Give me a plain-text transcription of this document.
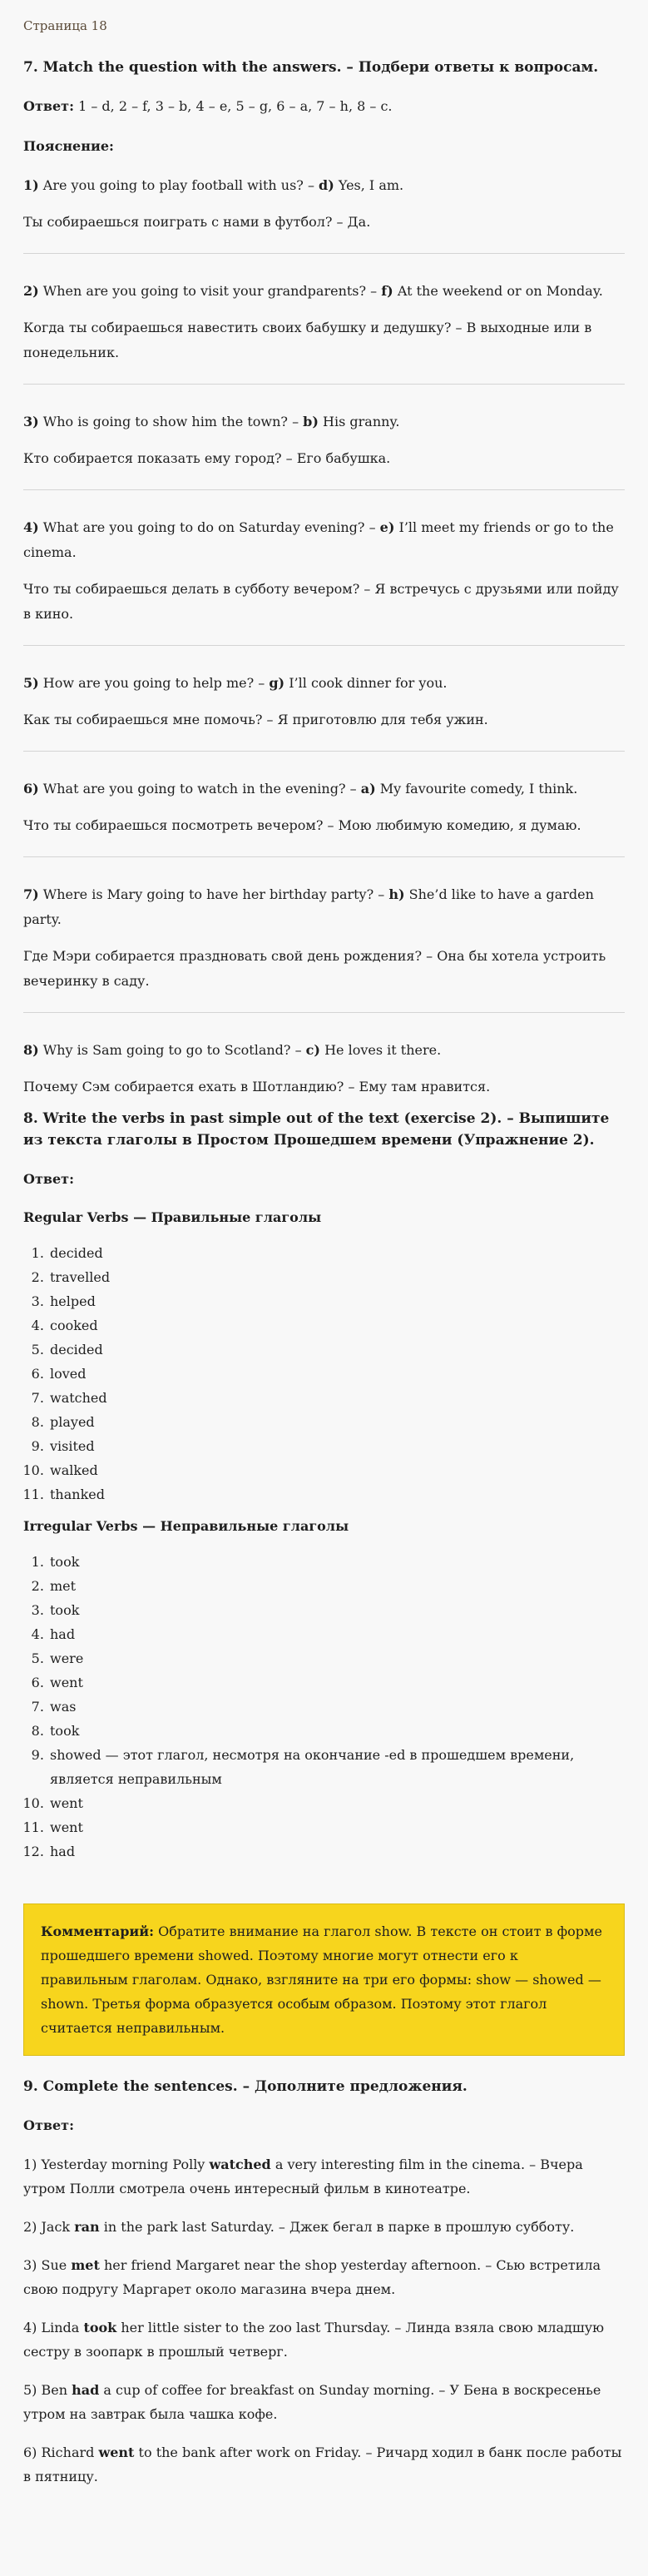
Страница 18
7. Match the question with the answers. – Подбери ответы к вопросам.

Ответ: 1 – d, 2 – f, 3 – b, 4 – e, 5 – g, 6 – a, 7 – h, 8 – c.

Пояснение:

1) Are you going to play football with us? – d) Yes, I am.

Ты собираешься поиграть с нами в футбол? – Да.

2) When are you going to visit your grandparents? – f) At the weekend or on Monday.

Когда ты собираешься навестить своих бабушку и дедушку? – В выходные или в понедельник.

3) Who is going to show him the town? – b) His granny.

Кто собирается показать ему город? – Его бабушка.

4) What are you going to do on Saturday evening? – e) I’ll meet my friends or go to the cinema.

Что ты собираешься делать в субботу вечером? – Я встречусь с друзьями или пойду в кино.

5) How are you going to help me? – g) I’ll cook dinner for you.

Как ты собираешься мне помочь? – Я приготовлю для тебя ужин.

6) What are you going to watch in the evening? – a) My favourite comedy, I think.

Что ты собираешься посмотреть вечером? – Мою любимую комедию, я думаю.

7) Where is Mary going to have her birthday party? – h) She’d like to have a garden party.

Где Мэри собирается праздновать свой день рождения? – Она бы хотела устроить вечеринку в саду.

8) Why is Sam going to go to Scotland? – c) He loves it there.

Почему Сэм собирается ехать в Шотландию? – Ему там нравится.

8. Write the verbs in past simple out of the text (exercise 2). – Выпишите из текста глаголы в Простом Прошедшем времени (Упражнение 2).

Ответ:

Regular Verbs — Правильные глаголы

1. decided
2. travelled
3. helped
4. cooked
5. decided
6. loved
7. watched
8. played
9. visited
10. walked
11. thanked

Irregular Verbs — Неправильные глаголы

1. took
2. met
3. took
4. had
5. were
6. went
7. was
8. took
9. showed — этот глагол, несмотря на окончание -ed в прошедшем времени, является неправильным
10. went
11. went
12. had
Комментарий: Обратите внимание на глагол show. В тексте он стоит в форме прошедшего времени showed. Поэтому многие могут отнести его к правильным глаголам. Однако, взгляните на три его формы: show — showed — shown. Третья форма образуется особым образом. Поэтому этот глагол считается неправильным.
9. Complete the sentences. – Дополните предложения.

Ответ:

1) Yesterday morning Polly watched a very interesting film in the cinema. – Вчера утром Полли смотрела очень интересный фильм в кинотеатре.

2) Jack ran in the park last Saturday. – Джек бегал в парке в прошлую субботу.

3) Sue met her friend Margaret near the shop yesterday afternoon. – Сью встретила свою подругу Маргарет около магазина вчера днем.

4) Linda took her little sister to the zoo last Thursday. – Линда взяла свою младшую сестру в зоопарк в прошлый четверг.

5) Ben had a cup of coffee for breakfast on Sunday morning. – У Бена в воскресенье утром на завтрак была чашка кофе.

6) Richard went to the bank after work on Friday. – Ричард ходил в банк после работы в пятницу.
